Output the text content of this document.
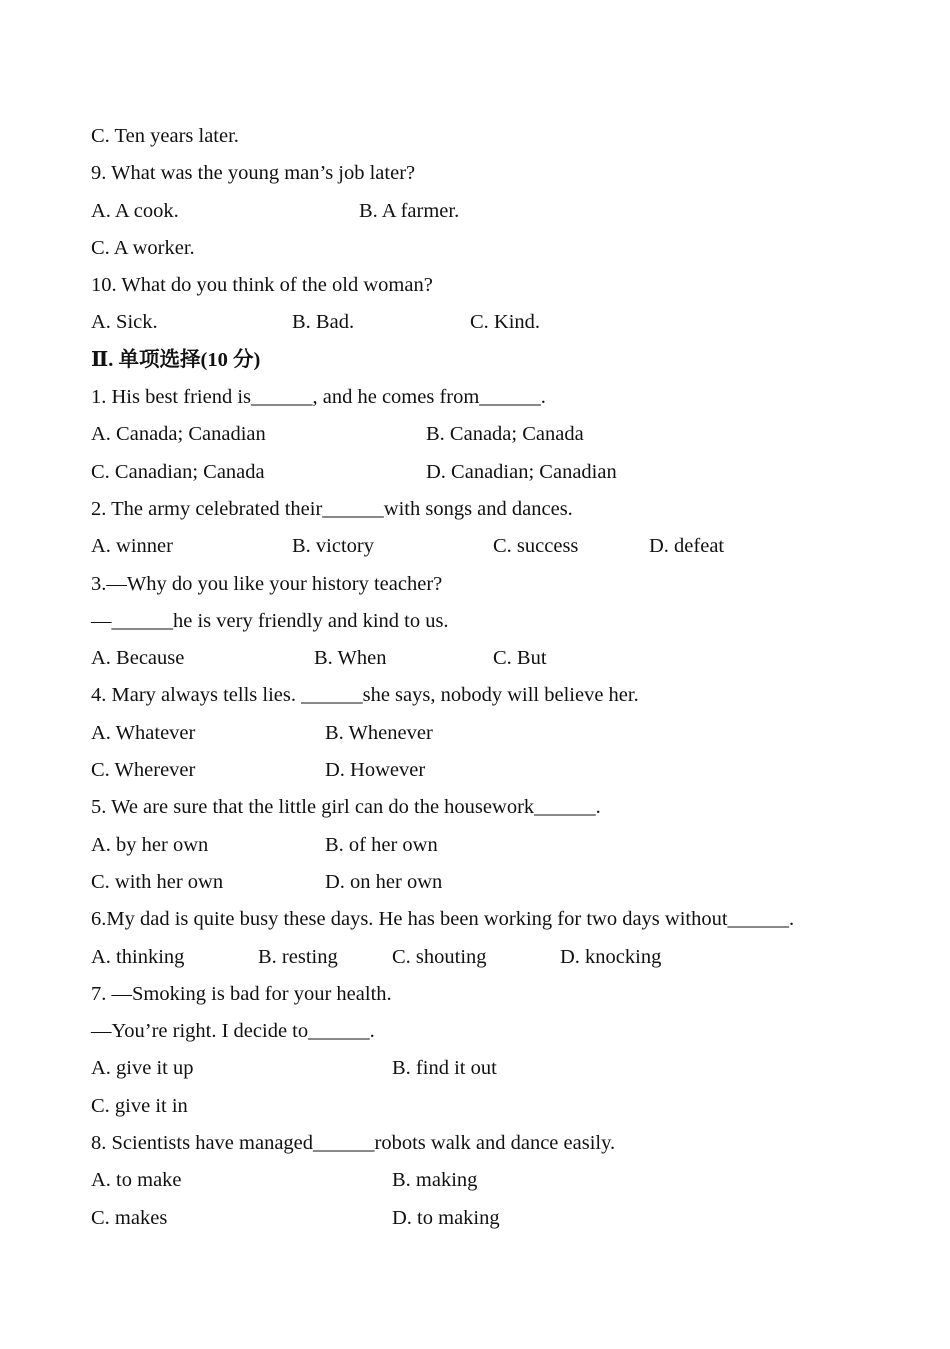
C. Ten years later.

9. What was the young man’s job later?

A. A cook.

	B. A farmer.

C. A worker.

10. What do you think of the old woman?

A. Sick.

	B. Bad.

	C. Kind.

Ⅱ. 单项选择(10 分)
1. His best friend is______, and he comes from______.

A. Canada; Canadian

	B. Canada; Canada

C. Canadian; Canada

	D. Canadian; Canadian

2. The army celebrated their______with songs and dances.

A. winner

	B. victory

	C. success

	D. defeat

3.—Why do you like your history teacher?
—______he is very friendly and kind to us.

A. Because

	B. When

	C. But

4. Mary always tells lies. ______she says, nobody will believe her.

A. Whatever

	B. Whenever

C. Wherever

	D. However

5. We are sure that the little girl can do the housework______.

A. by her own

	B. of her own

C. with her own

	D. on her own

6.My dad is quite busy these days. He has been working for two days without______.

A. thinking

	B. resting

	C. shouting

	D. knocking

7. —Smoking is bad for your health.
—You’re right. I decide to______.

A. give it up

	B. find it out

C. give it in

8. Scientists have managed______robots walk and dance easily.

A. to make

	B. making

C. makes

	D. to making
